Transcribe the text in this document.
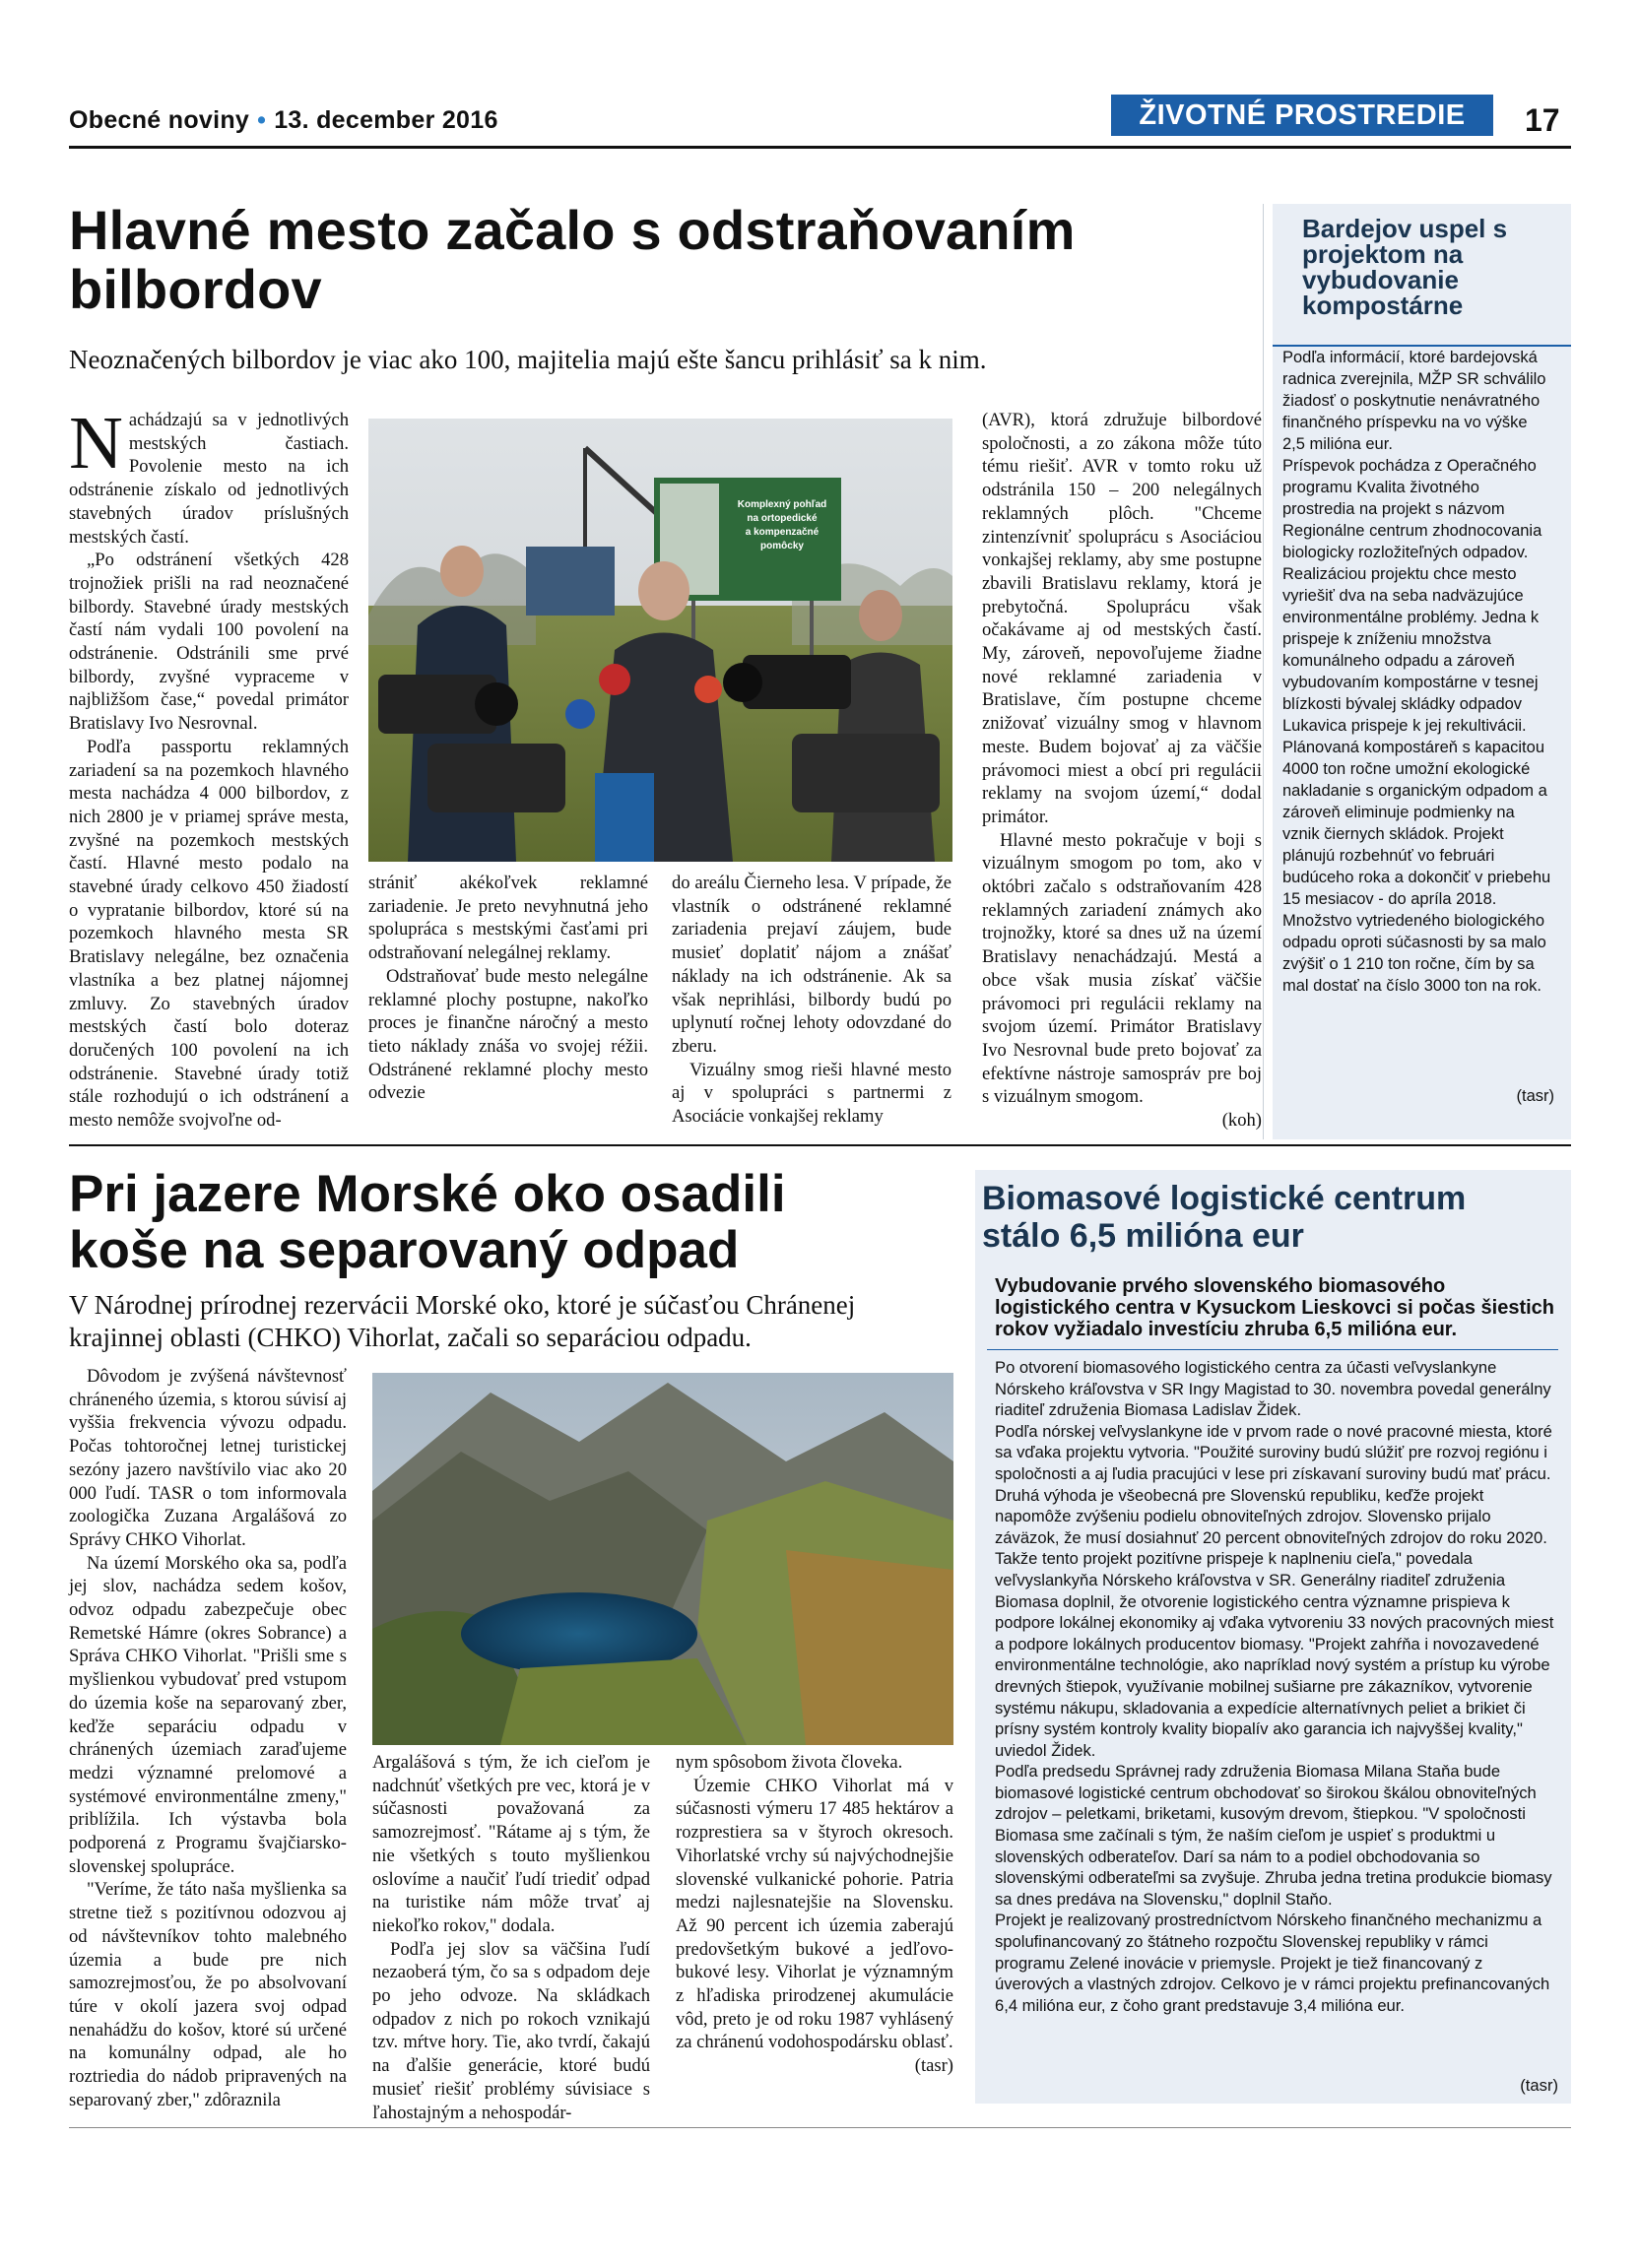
Obecné noviny • 13. december 2016	ŽIVOTNÉ PROSTREDIE	17
Hlavné mesto začalo s odstraňovaním
bilbordov
Neoznačených bilbordov je viac ako 100, majitelia majú ešte šancu prihlásiť sa k nim.

Nachádzajú sa v jednotlivých mestských častiach. Povolenie mesto na ich odstránenie získalo od jednotlivých stavebných úradov príslušných mestských častí.

„Po odstránení všetkých 428 trojnožiek prišli na rad neoznačené bilbordy. Stavebné úrady mestských častí nám vydali 100 povolení na odstránenie. Odstránili sme prvé bilbordy, zvyšné vypraceme v najbližšom čase,“ povedal primátor Bratislavy Ivo Nesrovnal.

Podľa passportu reklamných zariadení sa na pozemkoch hlavného mesta nachádza 4 000 bilbordov, z nich 2800 je v priamej správe mesta, zvyšné na pozemkoch mestských častí. Hlavné mesto podalo na stavebné úrady celkovo 450 žiadostí o vypratanie bilbordov, ktoré sú na pozemkoch hlavného mesta SR Bratislavy nelegálne, bez označenia vlastníka a bez platnej nájomnej zmluvy. Zo stavebných úradov mestských častí bolo doteraz doručených 100 povolení na ich odstránenie. Stavebné úrady totiž stále rozhodujú o ich odstránení a mesto nemôže svojvoľne od-

Komplexný pohľad
na ortopedické
a kompenzačné
pomôcky

strániť akékoľvek reklamné zariadenie. Je preto nevyhnutná jeho spolupráca s mestskými časťami pri odstraňovaní nelegálnej reklamy.

Odstraňovať bude mesto nelegálne reklamné plochy postupne, nakoľko proces je finančne náročný a mesto tieto náklady znáša vo svojej réžii. Odstránené reklamné plochy mesto odvezie

do areálu Čierneho lesa. V prípade, že vlastník o odstránené reklamné zariadenia prejaví záujem, bude musieť doplatiť nájom a znášať náklady na ich odstránenie. Ak sa však neprihlási, bilbordy budú po uplynutí ročnej lehoty odovzdané do zberu.

Vizuálny smog rieši hlavné mesto aj v spolupráci s partnermi z Asociácie vonkajšej reklamy

(AVR), ktorá združuje bilbordové spoločnosti, a zo zákona môže túto tému riešiť. AVR v tomto roku už odstránila 150 – 200 nelegálnych reklamných plôch. "Chceme zintenzívniť spoluprácu s Asociáciou vonkajšej reklamy, aby sme postupne zbavili Bratislavu reklamy, ktorá je prebytočná. Spoluprácu však očakávame aj od mestských častí. My, zároveň, nepovoľujeme žiadne nové reklamné zariadenia v Bratislave, čím postupne chceme znižovať vizuálny smog v hlavnom meste. Budem bojovať aj za väčšie právomoci miest a obcí pri regulácii reklamy na svojom území,“ dodal primátor.

Hlavné mesto pokračuje v boji s vizuálnym smogom po tom, ako v októbri začalo s odstraňovaním 428 reklamných zariadení známych ako trojnožky, ktoré sa dnes už na území Bratislavy nenachádzajú. Mestá a obce však musia získať väčšie právomoci pri regulácii reklamy na svojom území. Primátor Bratislavy Ivo Nesrovnal bude preto bojovať za efektívne nástroje samospráv pre boj s vizuálnym smogom.

(koh)

Bardejov uspel s projektom na vybudovanie kompostárne

Podľa informácií, ktoré bardejovská radnica zverejnila, MŽP SR schválilo žiadosť o poskytnutie nenávratného finančného príspevku na vo výške 2,5 milióna eur.

Príspevok pochádza z Operačného programu Kvalita životného prostredia na projekt s názvom Regionálne centrum zhodnocovania biologicky rozložiteľných odpadov. Realizáciou projektu chce mesto vyriešiť dva na seba nadväzujúce environmentálne problémy. Jedna k prispeje k zníženiu množstva komunálneho odpadu a zároveň vybudovaním kompostárne v tesnej blízkosti bývalej skládky odpadov Lukavica prispeje k jej rekultivácii. Plánovaná kompostáreň s kapacitou 4000 ton ročne umožní ekologické nakladanie s organickým odpadom a zároveň eliminuje podmienky na vznik čiernych skládok. Projekt plánujú rozbehnúť vo februári budúceho roka a dokončiť v priebehu 15 mesiacov - do apríla 2018. Množstvo vytriedeného biologického odpadu oproti súčasnosti by sa malo zvýšiť o 1 210 ton ročne, čím by sa mal dostať na číslo 3000 ton na rok.

(tasr)
Pri jazere Morské oko osadili
koše na separovaný odpad
V Národnej prírodnej rezervácii Morské oko, ktoré je súčasťou Chránenej krajinnej oblasti (CHKO) Vihorlat, začali so separáciou odpadu.

Dôvodom je zvýšená návštevnosť chráneného územia, s ktorou súvisí aj vyššia frekvencia vývozu odpadu. Počas tohtoročnej letnej turistickej sezóny jazero navštívilo viac ako 20 000 ľudí. TASR o tom informovala zoologička Zuzana Argalášová zo Správy CHKO Vihorlat.

Na území Morského oka sa, podľa jej slov, nachádza sedem košov, odvoz odpadu zabezpečuje obec Remetské Hámre (okres Sobrance) a Správa CHKO Vihorlat. "Prišli sme s myšlienkou vybudovať pred vstupom do územia koše na separovaný zber, keďže separáciu odpadu v chránených územiach zaraďujeme medzi významné prelomové a systémové environmentálne zmeny," priblížila. Ich výstavba bola podporená z Programu švajčiarsko-slovenskej spolupráce.

"Veríme, že táto naša myšlienka sa stretne tiež s pozitívnou odozvou aj od návštevníkov tohto malebného územia a bude pre nich samozrejmosťou, že po absolvovaní túre v okolí jazera svoj odpad nenahádžu do košov, ktoré sú určené na komunálny odpad, ale ho roztriedia do nádob pripravených na separovaný zber," zdôraznila

Argalášová s tým, že ich cieľom je nadchnúť všetkých pre vec, ktorá je v súčasnosti považovaná za samozrejmosť. "Rátame aj s tým, že nie všetkých s touto myšlienkou oslovíme a naučiť ľudí triediť odpad na turistike nám môže trvať aj niekoľko rokov," dodala.

Podľa jej slov sa väčšina ľudí nezaoberá tým, čo sa s odpadom deje po jeho odvoze. Na skládkach odpadov z nich po rokoch vznikajú tzv. mŕtve hory. Tie, ako tvrdí, čakajú na ďalšie generácie, ktoré budú musieť riešiť problémy súvisiace s ľahostajným a nehospodár-

nym spôsobom života človeka.

Územie CHKO Vihorlat má v súčasnosti výmeru 17 485 hektárov a rozprestiera sa v štyroch okresoch. Vihorlatské vrchy sú najvýchodnejšie slovenské vulkanické pohorie. Patria medzi najlesnatejšie na Slovensku. Až 90 percent ich územia zaberajú predovšetkým bukové a jedľovo-bukové lesy. Vihorlat je významným z hľadiska prirodzenej akumulácie vôd, preto je od roku 1987 vyhlásený za chránenú vodohospodársku oblasť.

(tasr)

Biomasové logistické centrum
stálo 6,5 milióna eur
Vybudovanie prvého slovenského biomasového logistického centra v Kysuckom Lieskovci si počas šiestich rokov vyžiadalo investíciu zhruba 6,5 milióna eur.

Po otvorení biomasového logistického centra za účasti veľvyslankyne Nórskeho kráľovstva v SR Ingy Magistad to 30. novembra povedal generálny riaditeľ združenia Biomasa Ladislav Židek.

Podľa nórskej veľvyslankyne ide v prvom rade o nové pracovné miesta, ktoré sa vďaka projektu vytvoria. "Použité suroviny budú slúžiť pre rozvoj regiónu i spoločnosti a aj ľudia pracujúci v lese pri získavaní suroviny budú mať prácu. Druhá výhoda je všeobecná pre Slovenskú republiku, keďže projekt napomôže zvýšeniu podielu obnoviteľných zdrojov. Slovensko prijalo záväzok, že musí dosiahnuť 20 percent obnoviteľných zdrojov do roku 2020. Takže tento projekt pozitívne prispeje k naplneniu cieľa," povedala veľvyslankyňa Nórskeho kráľovstva v SR. Generálny riaditeľ združenia Biomasa doplnil, že otvorenie logistického centra významne prispieva k podpore lokálnej ekonomiky aj vďaka vytvoreniu 33 nových pracovných miest a podpore lokálnych producentov biomasy. "Projekt zahŕňa i novozavedené environmentálne technológie, ako napríklad nový systém a prístup ku výrobe drevných štiepok, využívanie mobilnej sušiarne pre zákazníkov, vytvorenie systému nákupu, skladovania a expedície alternatívnych peliet a brikiet či prísny systém kontroly kvality biopalív ako garancia ich najvyššej kvality," uviedol Židek.

Podľa predsedu Správnej rady združenia Biomasa Milana Staňa bude biomasové logistické centrum obchodovať so širokou škálou obnoviteľných zdrojov – peletkami, briketami, kusovým drevom, štiepkou. "V spoločnosti Biomasa sme začínali s tým, že naším cieľom je uspieť s produktmi u slovenských odberateľov. Darí sa nám to a podiel obchodovania so slovenskými odberateľmi sa zvyšuje. Zhruba jedna tretina produkcie biomasy sa dnes predáva na Slovensku," doplnil Staňo.

Projekt je realizovaný prostredníctvom Nórskeho finančného mechanizmu a spolufinancovaný zo štátneho rozpočtu Slovenskej republiky v rámci programu Zelené inovácie v priemysle. Projekt je tiež financovaný z úverových a vlastných zdrojov. Celkovo je v rámci projektu prefinancovaných 6,4 milióna eur, z čoho grant predstavuje 3,4 milióna eur.

(tasr)
